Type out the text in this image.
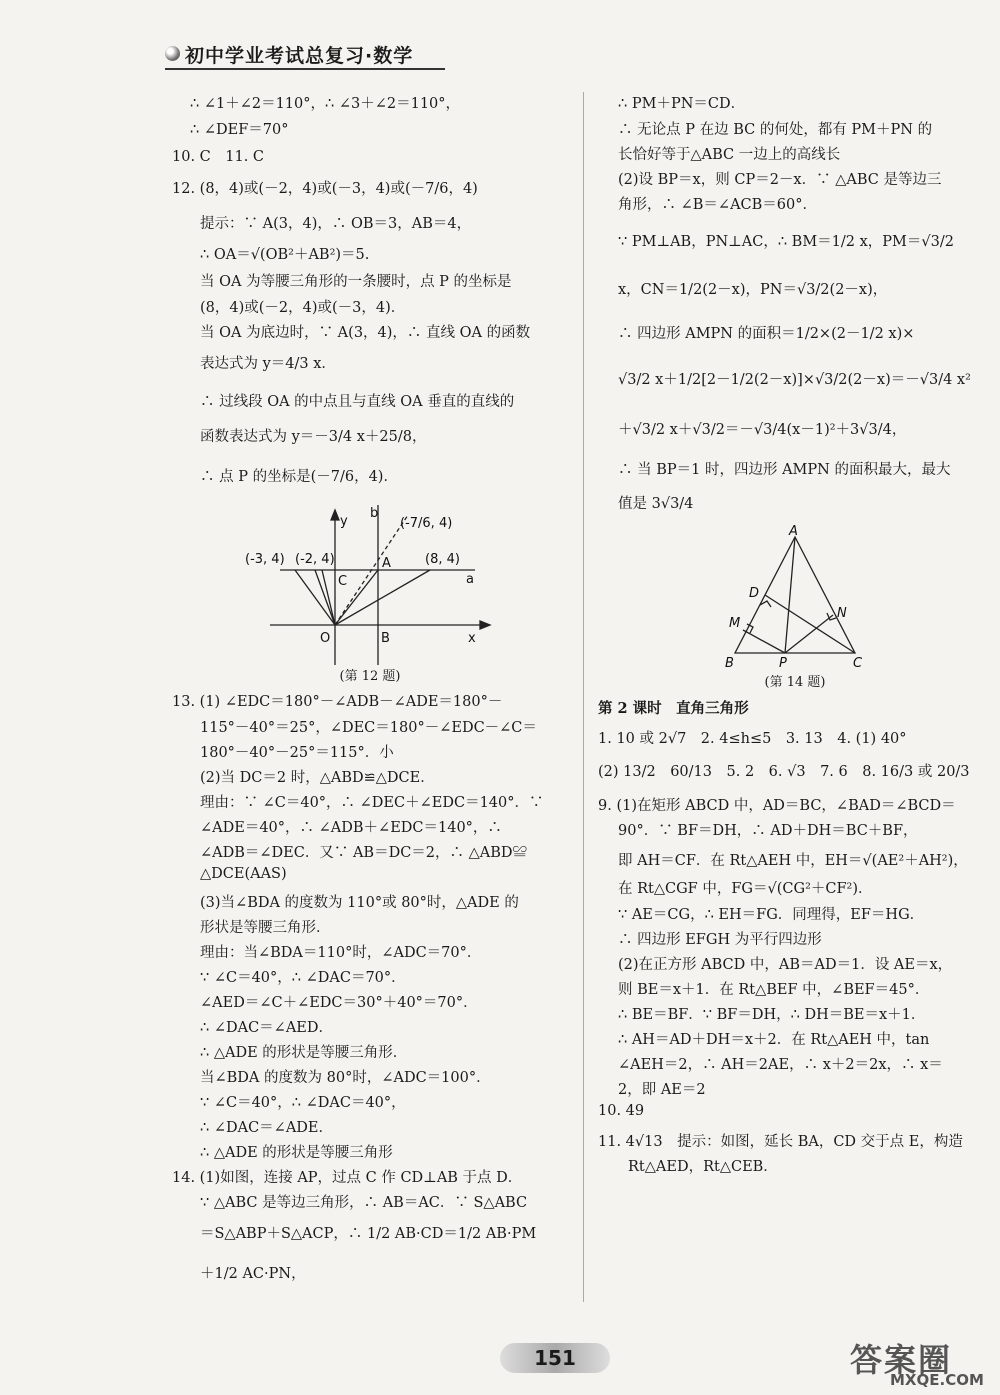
初中学业考试总复习·数学
∴ ∠1＋∠2＝110°，∴ ∠3＋∠2＝110°，
∴ ∠DEF＝70°
10. C　11. C
12. (8，4)或(－2，4)或(－3，4)或(－7/6，4)
提示：∵ A(3，4)，∴ OB＝3，AB＝4，
∴ OA＝√(OB²＋AB²)＝5.
当 OA 为等腰三角形的一条腰时，点 P 的坐标是
(8，4)或(－2，4)或(－3，4)．
当 OA 为底边时，∵ A(3，4)，∴ 直线 OA 的函数
表达式为 y＝4/3 x．
∴ 过线段 OA 的中点且与直线 OA 垂直的直线的
函数表达式为 y＝－3/4 x＋25/8，
∴ 点 P 的坐标是(－7/6，4)．
13. (1) ∠EDC＝180°－∠ADB－∠ADE＝180°－
115°－40°＝25°，∠DEC＝180°－∠EDC－∠C＝
180°－40°－25°＝115°．小
(2)当 DC＝2 时，△ABD≌△DCE．
理由：∵ ∠C＝40°，∴ ∠DEC＋∠EDC＝140°．∵
∠ADE＝40°，∴ ∠ADB＋∠EDC＝140°，∴
∠ADB＝∠DEC．又∵ AB＝DC＝2，∴ △ABD≌
△DCE(AAS)
(3)当∠BDA 的度数为 110°或 80°时，△ADE 的
形状是等腰三角形．
理由：当∠BDA＝110°时，∠ADC＝70°．
∵ ∠C＝40°，∴ ∠DAC＝70°．
∠AED＝∠C＋∠EDC＝30°＋40°＝70°．
∴ ∠DAC＝∠AED．
∴ △ADE 的形状是等腰三角形．
当∠BDA 的度数为 80°时，∠ADC＝100°．
∵ ∠C＝40°，∴ ∠DAC＝40°，
∴ ∠DAC＝∠ADE．
∴ △ADE 的形状是等腰三角形
14. (1)如图，连接 AP，过点 C 作 CD⊥AB 于点 D．
∵ △ABC 是等边三角形，∴ AB＝AC．∵ S△ABC
＝S△ABP＋S△ACP，∴ 1/2 AB·CD＝1/2 AB·PM
＋1/2 AC·PN，
y
b
(-7/6, 4)
(-3, 4) (-2, 4)	A	(8, 4)
C	a
O	B	x
(第 12 题)
∴ PM＋PN＝CD．
∴ 无论点 P 在边 BC 的何处，都有 PM＋PN 的
长恰好等于△ABC 一边上的高线长
(2)设 BP＝x，则 CP＝2－x．∵ △ABC 是等边三
角形，∴ ∠B＝∠ACB＝60°．
∵ PM⊥AB，PN⊥AC，∴ BM＝1/2 x，PM＝√3/2
x，CN＝1/2(2－x)，PN＝√3/2(2－x)，
∴ 四边形 AMPN 的面积＝1/2×(2－1/2 x)×
√3/2 x＋1/2[2－1/2(2－x)]×√3/2(2－x)＝－√3/4 x²
＋√3/2 x＋√3/2＝－√3/4(x－1)²＋3√3/4，
∴ 当 BP＝1 时，四边形 AMPN 的面积最大，最大
值是 3√3/4
第 2 课时　直角三角形
1. 10 或 2√7　2. 4≤h≤5　3. 13　4. (1) 40°
(2) 13/2　60/13　5. 2　6. √3　7. 6　8. 16/3 或 20/3
9. (1)在矩形 ABCD 中，AD＝BC，∠BAD＝∠BCD＝
90°．∵ BF＝DH，∴ AD＋DH＝BC＋BF，
即 AH＝CF．在 Rt△AEH 中，EH＝√(AE²＋AH²)，
在 Rt△CGF 中，FG＝√(CG²＋CF²)．
∵ AE＝CG，∴ EH＝FG．同理得，EF＝HG．
∴ 四边形 EFGH 为平行四边形
(2)在正方形 ABCD 中，AB＝AD＝1．设 AE＝x，
则 BE＝x＋1．在 Rt△BEF 中，∠BEF＝45°．
∴ BE＝BF．∵ BF＝DH，∴ DH＝BE＝x＋1．
∴ AH＝AD＋DH＝x＋2．在 Rt△AEH 中，tan
∠AEH＝2，∴ AH＝2AE，∴ x＋2＝2x，∴ x＝
2，即 AE＝2
10. 49
11. 4√13　提示：如图，延长 BA，CD 交于点 E，构造
Rt△AED，Rt△CEB．
A
D
M
N
B	P	C
(第 14 题)
151	答案圈
MXQE.COM
